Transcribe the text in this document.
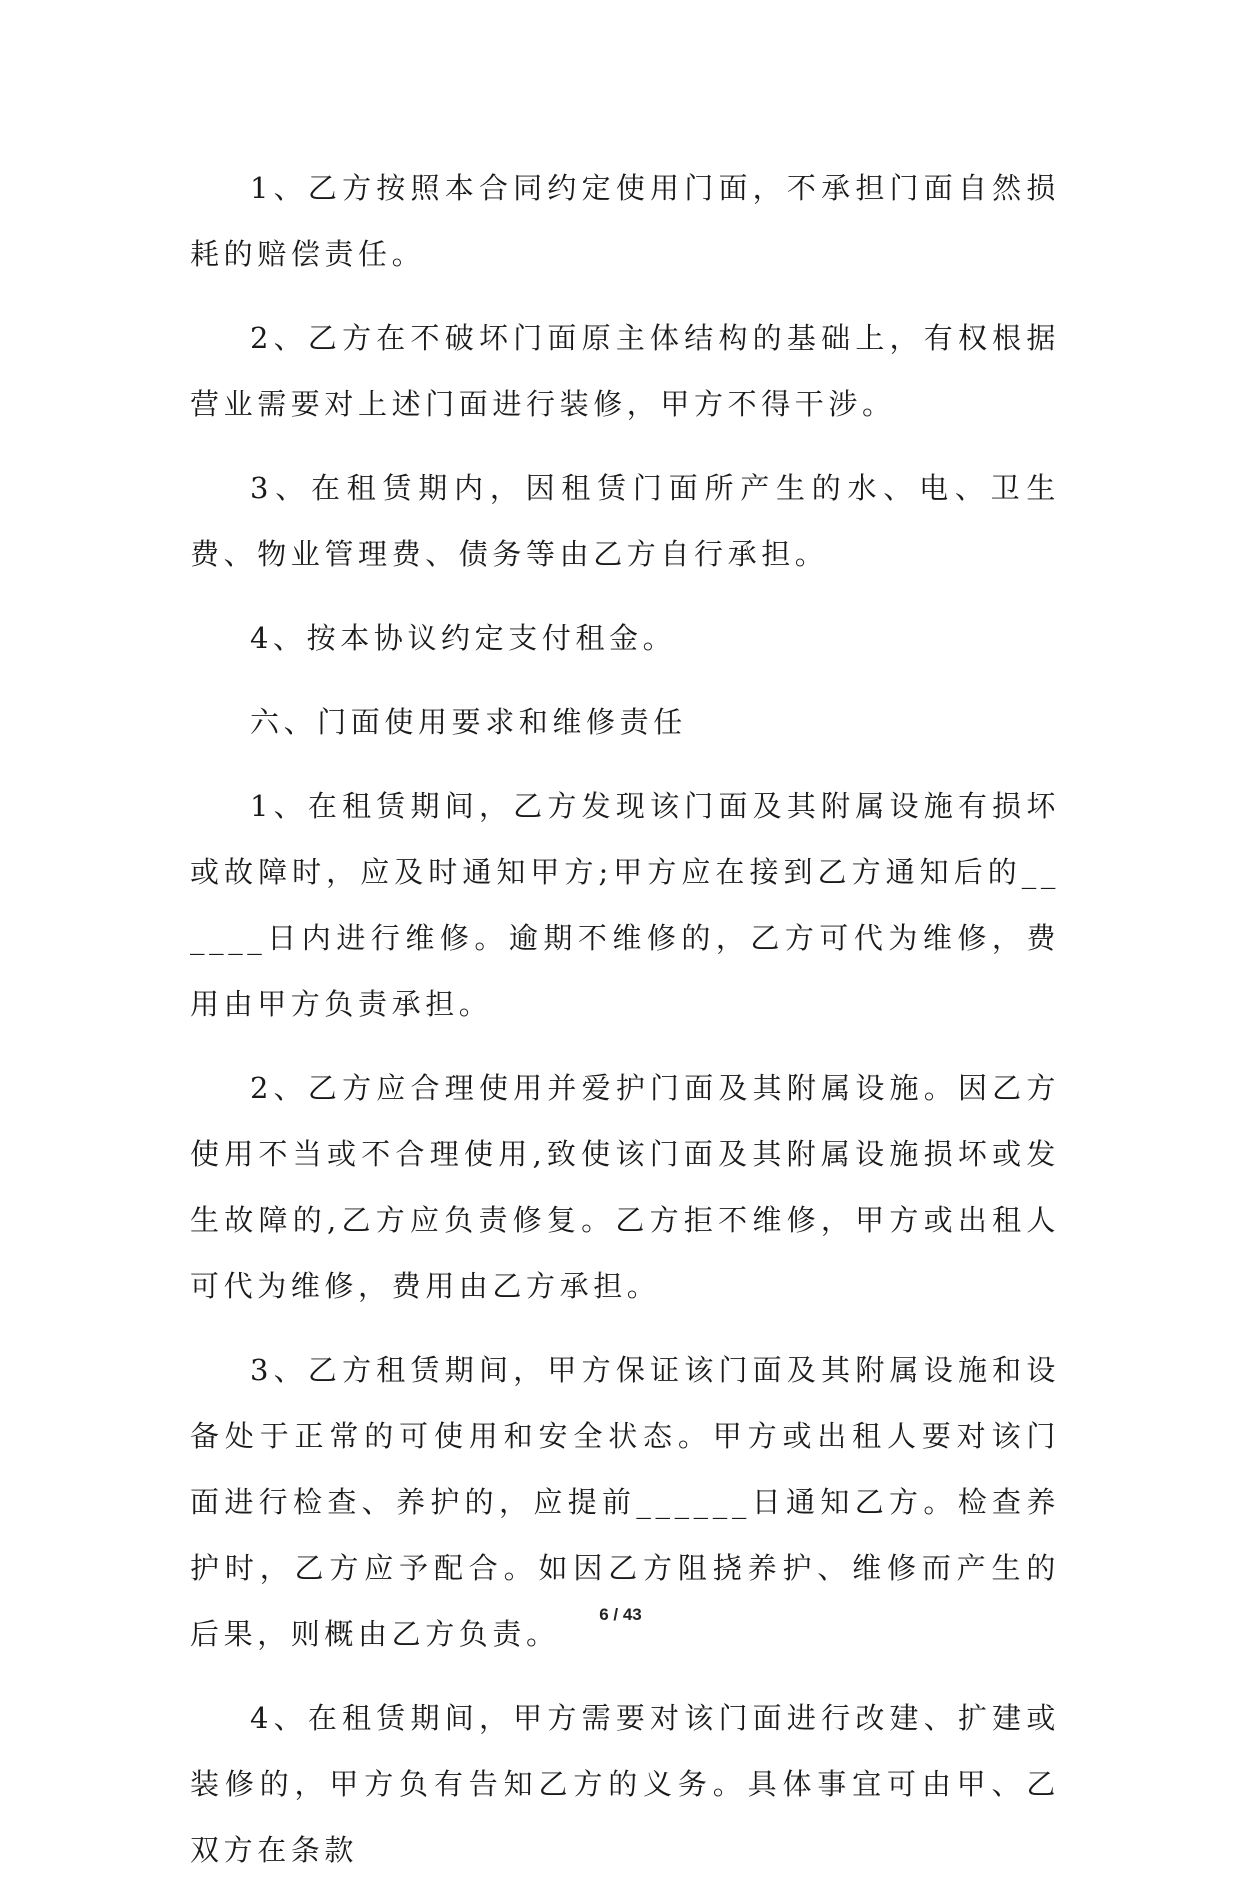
1、乙方按照本合同约定使用门面，不承担门面自然损耗的赔偿责任。

2、乙方在不破坏门面原主体结构的基础上，有权根据营业需要对上述门面进行装修，甲方不得干涉。

3、在租赁期内，因租赁门面所产生的水、电、卫生费、物业管理费、债务等由乙方自行承担。

4、按本协议约定支付租金。

六、门面使用要求和维修责任

1、在租赁期间，乙方发现该门面及其附属设施有损坏或故障时，应及时通知甲方;甲方应在接到乙方通知后的______日内进行维修。逾期不维修的，乙方可代为维修，费用由甲方负责承担。

2、乙方应合理使用并爱护门面及其附属设施。因乙方使用不当或不合理使用,致使该门面及其附属设施损坏或发生故障的,乙方应负责修复。乙方拒不维修，甲方或出租人可代为维修，费用由乙方承担。

3、乙方租赁期间，甲方保证该门面及其附属设施和设备处于正常的可使用和安全状态。甲方或出租人要对该门面进行检查、养护的，应提前______日通知乙方。检查养护时，乙方应予配合。如因乙方阻挠养护、维修而产生的后果，则概由乙方负责。

4、在租赁期间，甲方需要对该门面进行改建、扩建或装修的，甲方负有告知乙方的义务。具体事宜可由甲、乙双方在条款

6 / 43
